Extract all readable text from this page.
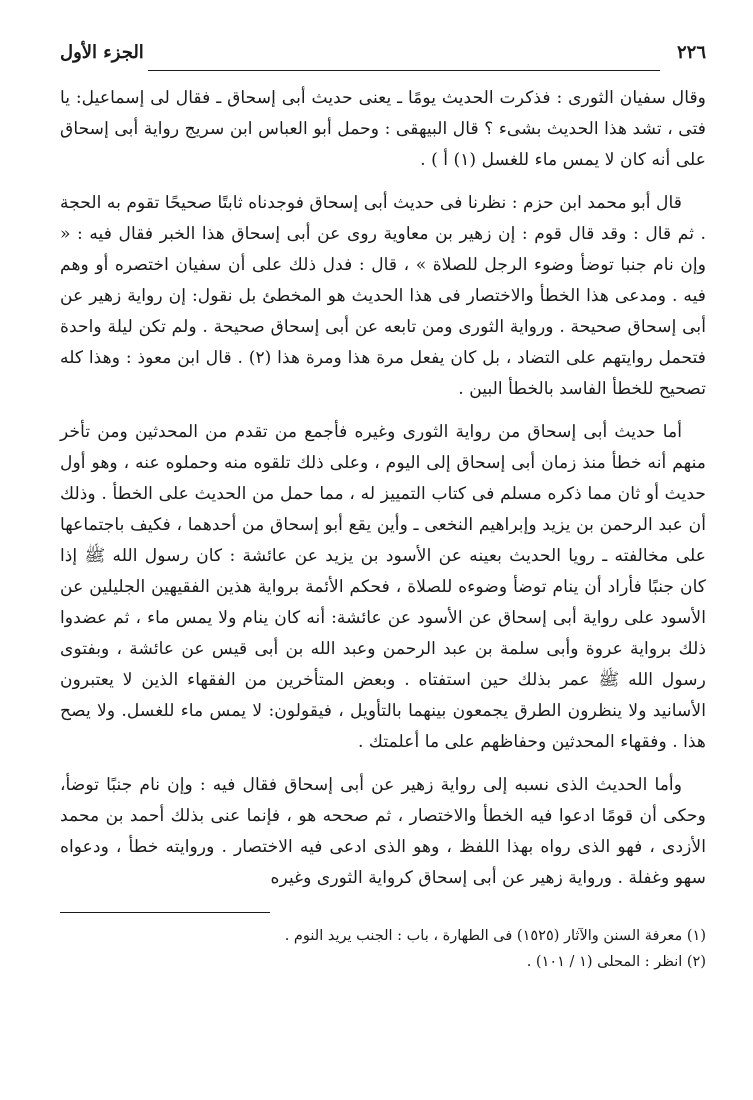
٢٢٦
الجزء الأول

وقال سفيان الثورى : فذكرت الحديث يومًا ـ يعنى حديث أبى إسحاق ـ فقال لى إسماعيل: يا فتى ، تشد هذا الحديث بشىء ؟ قال البيهقى : وحمل أبو العباس ابن سريج رواية أبى إسحاق على أنه كان لا يمس ماء للغسل (١) أ ) .

قال أبو محمد ابن حزم : نظرنا فى حديث أبى إسحاق فوجدناه ثابتًا صحيحًا تقوم به الحجة . ثم قال : وقد قال قوم : إن زهير بن معاوية روى عن أبى إسحاق هذا الخبر فقال فيه : « وإن نام جنبا توضأ وضوء الرجل للصلاة » ، قال : فدل ذلك على أن سفيان اختصره أو وهم فيه . ومدعى هذا الخطأ والاختصار فى هذا الحديث هو المخطئ بل نقول: إن رواية زهير عن أبى إسحاق صحيحة . ورواية الثورى ومن تابعه عن أبى إسحاق صحيحة . ولم تكن ليلة واحدة فتحمل روايتهم على التضاد ، بل كان يفعل مرة هذا ومرة هذا (٢) . قال ابن معوذ : وهذا كله تصحيح للخطأ الفاسد بالخطأ البين .

أما حديث أبى إسحاق من رواية الثورى وغيره فأجمع من تقدم من المحدثين ومن تأخر منهم أنه خطأ منذ زمان أبى إسحاق إلى اليوم ، وعلى ذلك تلقوه منه وحملوه عنه ، وهو أول حديث أو ثان مما ذكره مسلم فى كتاب التمييز له ، مما حمل من الحديث على الخطأ . وذلك أن عبد الرحمن بن يزيد وإبراهيم النخعى ـ وأين يقع أبو إسحاق من أحدهما ، فكيف باجتماعها على مخالفته ـ رويا الحديث بعينه عن الأسود بن يزيد عن عائشة : كان رسول الله ﷺ إذا كان جنبًا فأراد أن ينام توضأ وضوءه للصلاة ، فحكم الأئمة برواية هذين الفقيهين الجليلين عن الأسود على رواية أبى إسحاق عن الأسود عن عائشة: أنه كان ينام ولا يمس ماء ، ثم عضدوا ذلك برواية عروة وأبى سلمة بن عبد الرحمن وعبد الله بن أبى قيس عن عائشة ، وبفتوى رسول الله ﷺ عمر بذلك حين استفتاه . وبعض المتأخرين من الفقهاء الذين لا يعتبرون الأسانيد ولا ينظرون الطرق يجمعون بينهما بالتأويل ، فيقولون: لا يمس ماء للغسل. ولا يصح هذا . وفقهاء المحدثين وحفاظهم على ما أعلمتك .

وأما الحديث الذى نسبه إلى رواية زهير عن أبى إسحاق فقال فيه : وإن نام جنبًا توضأ، وحكى أن قومًا ادعوا فيه الخطأ والاختصار ، ثم صححه هو ، فإنما عنى بذلك أحمد بن محمد الأزدى ، فهو الذى رواه بهذا اللفظ ، وهو الذى ادعى فيه الاختصار . وروايته خطأ ، ودعواه سهو وغفلة . ورواية زهير عن أبى إسحاق كرواية الثورى وغيره

(١) معرفة السنن والآثار (١٥٢٥) فى الطهارة ، باب : الجنب يريد النوم .

(٢) انظر : المحلى (١ / ١٠١) .
